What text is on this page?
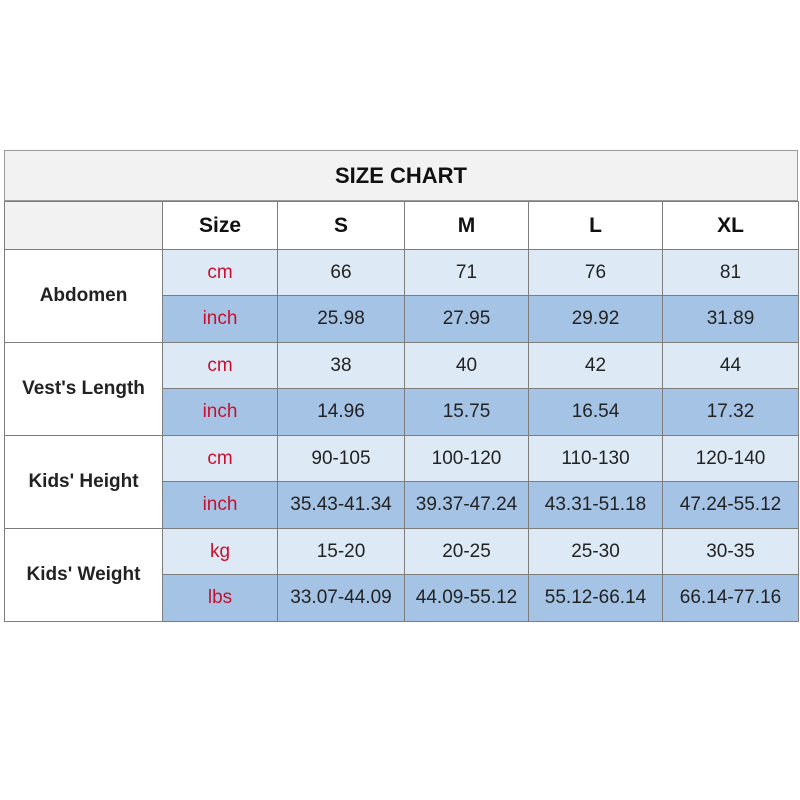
SIZE CHART
	Size	S	M	L	XL
Abdomen	cm	66	71	76	81
	inch	25.98	27.95	29.92	31.89
Vest's Length	cm	38	40	42	44
	inch	14.96	15.75	16.54	17.32
Kids' Height	cm	90-105	100-120	110-130	120-140
	inch	35.43-41.34	39.37-47.24	43.31-51.18	47.24-55.12
Kids' Weight	kg	15-20	20-25	25-30	30-35
	lbs	33.07-44.09	44.09-55.12	55.12-66.14	66.14-77.16
